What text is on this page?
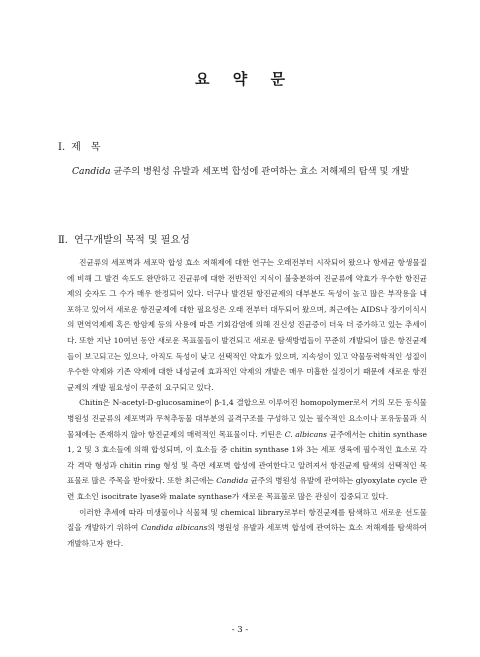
요 약 문
Ⅰ. 제　목
Candida 균주의 병원성 유발과 세포벽 합성에 관여하는 효소 저해제의 탐색 및 개발
Ⅱ. 연구개발의 목적 및 필요성

진균류의 세포벽과 세포막 합성 효소 저해제에 대한 연구는 오래전부터 시작되어 왔으나 항세균 항생물질에 비해 그 발견 속도도 완만하고 진균류에 대한 전반적인 지식이 불충분하여 진균류에 약효가 우수한 항진균제의 숫자도 그 수가 매우 한정되어 있다. 더구나 발견된 항진균제의 대부분도 독성이 높고 많은 부작용을 내포하고 있어서 새로운 항진균제에 대한 필요성은 오래 전부터 대두되어 왔으며, 최근에는 AIDS나 장기이식시의 면역억제제 혹은 항암제 등의 사용에 따른 기회감염에 의해 진신성 진균증이 더욱 더 증가하고 있는 추세이다. 또한 지난 10여년 동안 새로운 목표물들이 발견되고 새로운 탐색방법들이 꾸준히 개발되어 많은 항진균제들이 보고되고는 있으나, 아직도 독성이 낮고 선택적인 약효가 있으며, 지속성이 있고 약물동력학적인 성질이 우수한 약제와 기존 약제에 대한 내성균에 효과적인 약제의 개발은 매우 미흡한 실정이기 때문에 새로운 항진균제의 개발 필요성이 꾸준히 요구되고 있다.

Chitin은 N-acetyl-D-glucosamine이 β-1,4 결합으로 이루어진 homopolymer로서 거의 모든 동식물 병원성 진균류의 세포벽과 무척추동물 대부분의 골격구조를 구성하고 있는 필수적인 요소이나 포유동물과 식물체에는 존재하지 않아 항진균제의 매력적인 목표물이다. 키틴은 C. albicans 균주에서는 chitin synthase 1, 2 및 3 효소들에 의해 합성되며, 이 효소들 중 chitin synthase 1와 3는 세포 생육에 필수적인 효소로 각각 격막 형성과 chitin ring 형성 및 측면 세포벽 합성에 관여한다고 알려져서 항진균제 탐색의 선택적인 목표물로 많은 주목을 받아왔다. 또한 최근에는 Candida 균주의 병원성 유발에 관여하는 glyoxylate cycle 관련 효소인 isocitrate lyase와 malate synthase가 새로운 목표물로 많은 관심이 집중되고 있다.

이러한 추세에 따라 미생물이나 식물체 및 chemical library로부터 항진균제를 탐색하고 새로운 선도물질을 개발하기 위하여 Candida albicans의 병원성 유발과 세포벽 합성에 관여하는 효소 저해제를 탐색하여 개발하고자 한다.

- 3 -
